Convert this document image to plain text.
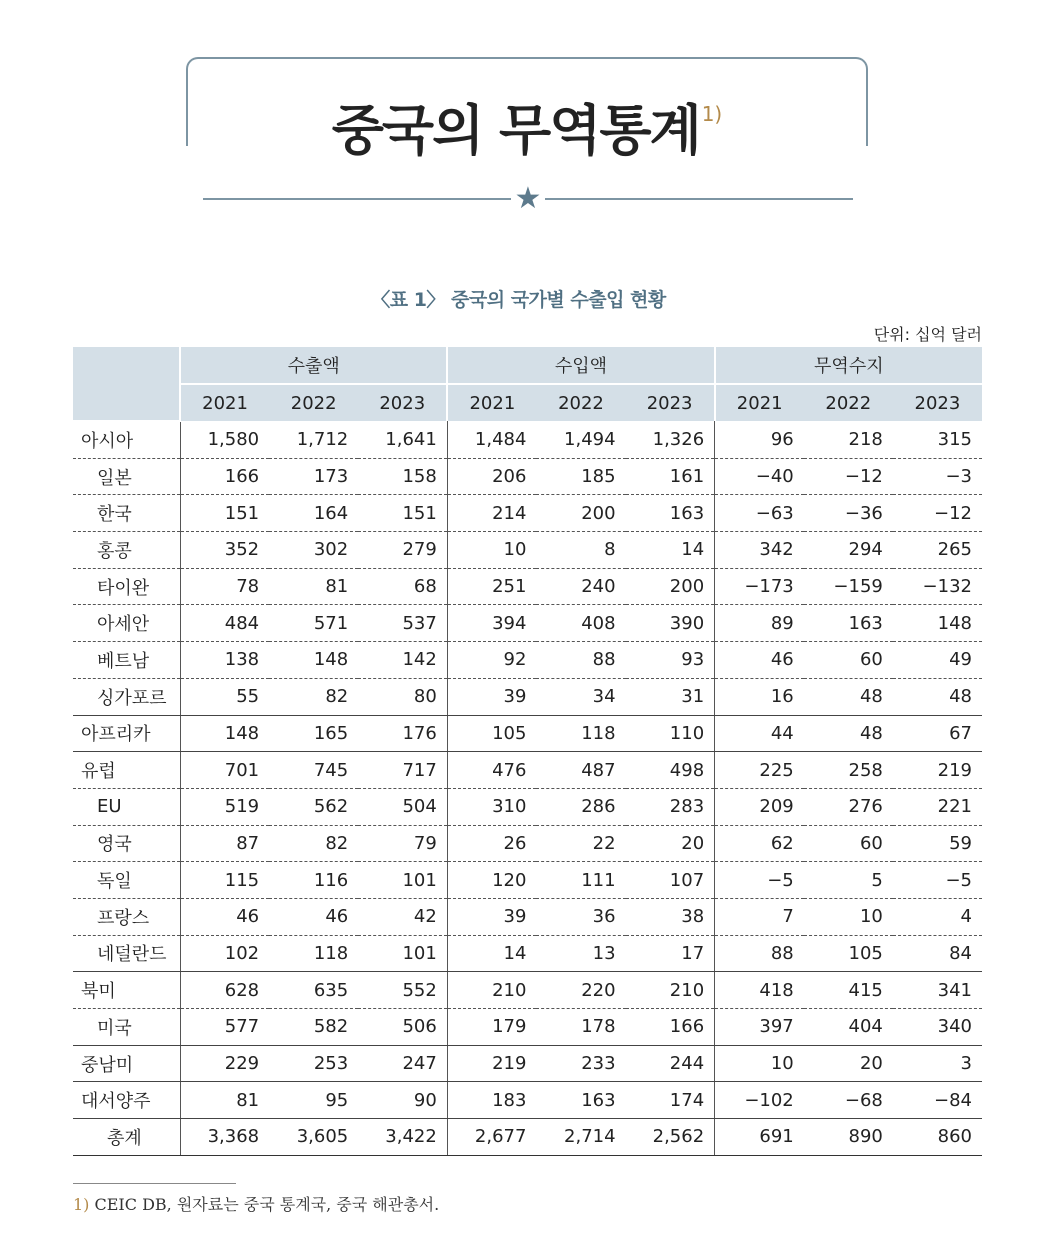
중국의 무역통계 $^{1)}$
★
〈표 1〉 중국의 국가별 수출입 현황
단위: 십억 달러
	수출액			수입액			무역수지		
	2021	2022	2023	2021	2022	2023	2021	2022	2023
아시아	1,580	1,712	1,641	1,484	1,494	1,326	96	218	315
일본	166	173	158	206	185	161	−40	−12	−3
한국	151	164	151	214	200	163	−63	−36	−12
홍콩	352	302	279	10	8	14	342	294	265
타이완	78	81	68	251	240	200	−173	−159	−132
아세안	484	571	537	394	408	390	89	163	148
베트남	138	148	142	92	88	93	46	60	49
싱가포르	55	82	80	39	34	31	16	48	48
아프리카	148	165	176	105	118	110	44	48	67
유럽	701	745	717	476	487	498	225	258	219
EU	519	562	504	310	286	283	209	276	221
영국	87	82	79	26	22	20	62	60	59
독일	115	116	101	120	111	107	−5	5	−5
프랑스	46	46	42	39	36	38	7	10	4
네덜란드	102	118	101	14	13	17	88	105	84
북미	628	635	552	210	220	210	418	415	341
미국	577	582	506	179	178	166	397	404	340
중남미	229	253	247	219	233	244	10	20	3
대서양주	81	95	90	183	163	174	−102	−68	−84
총계	3,368	3,605	3,422	2,677	2,714	2,562	691	890	860
1) CEIC DB, 원자료는 중국 통계국, 중국 해관총서.
